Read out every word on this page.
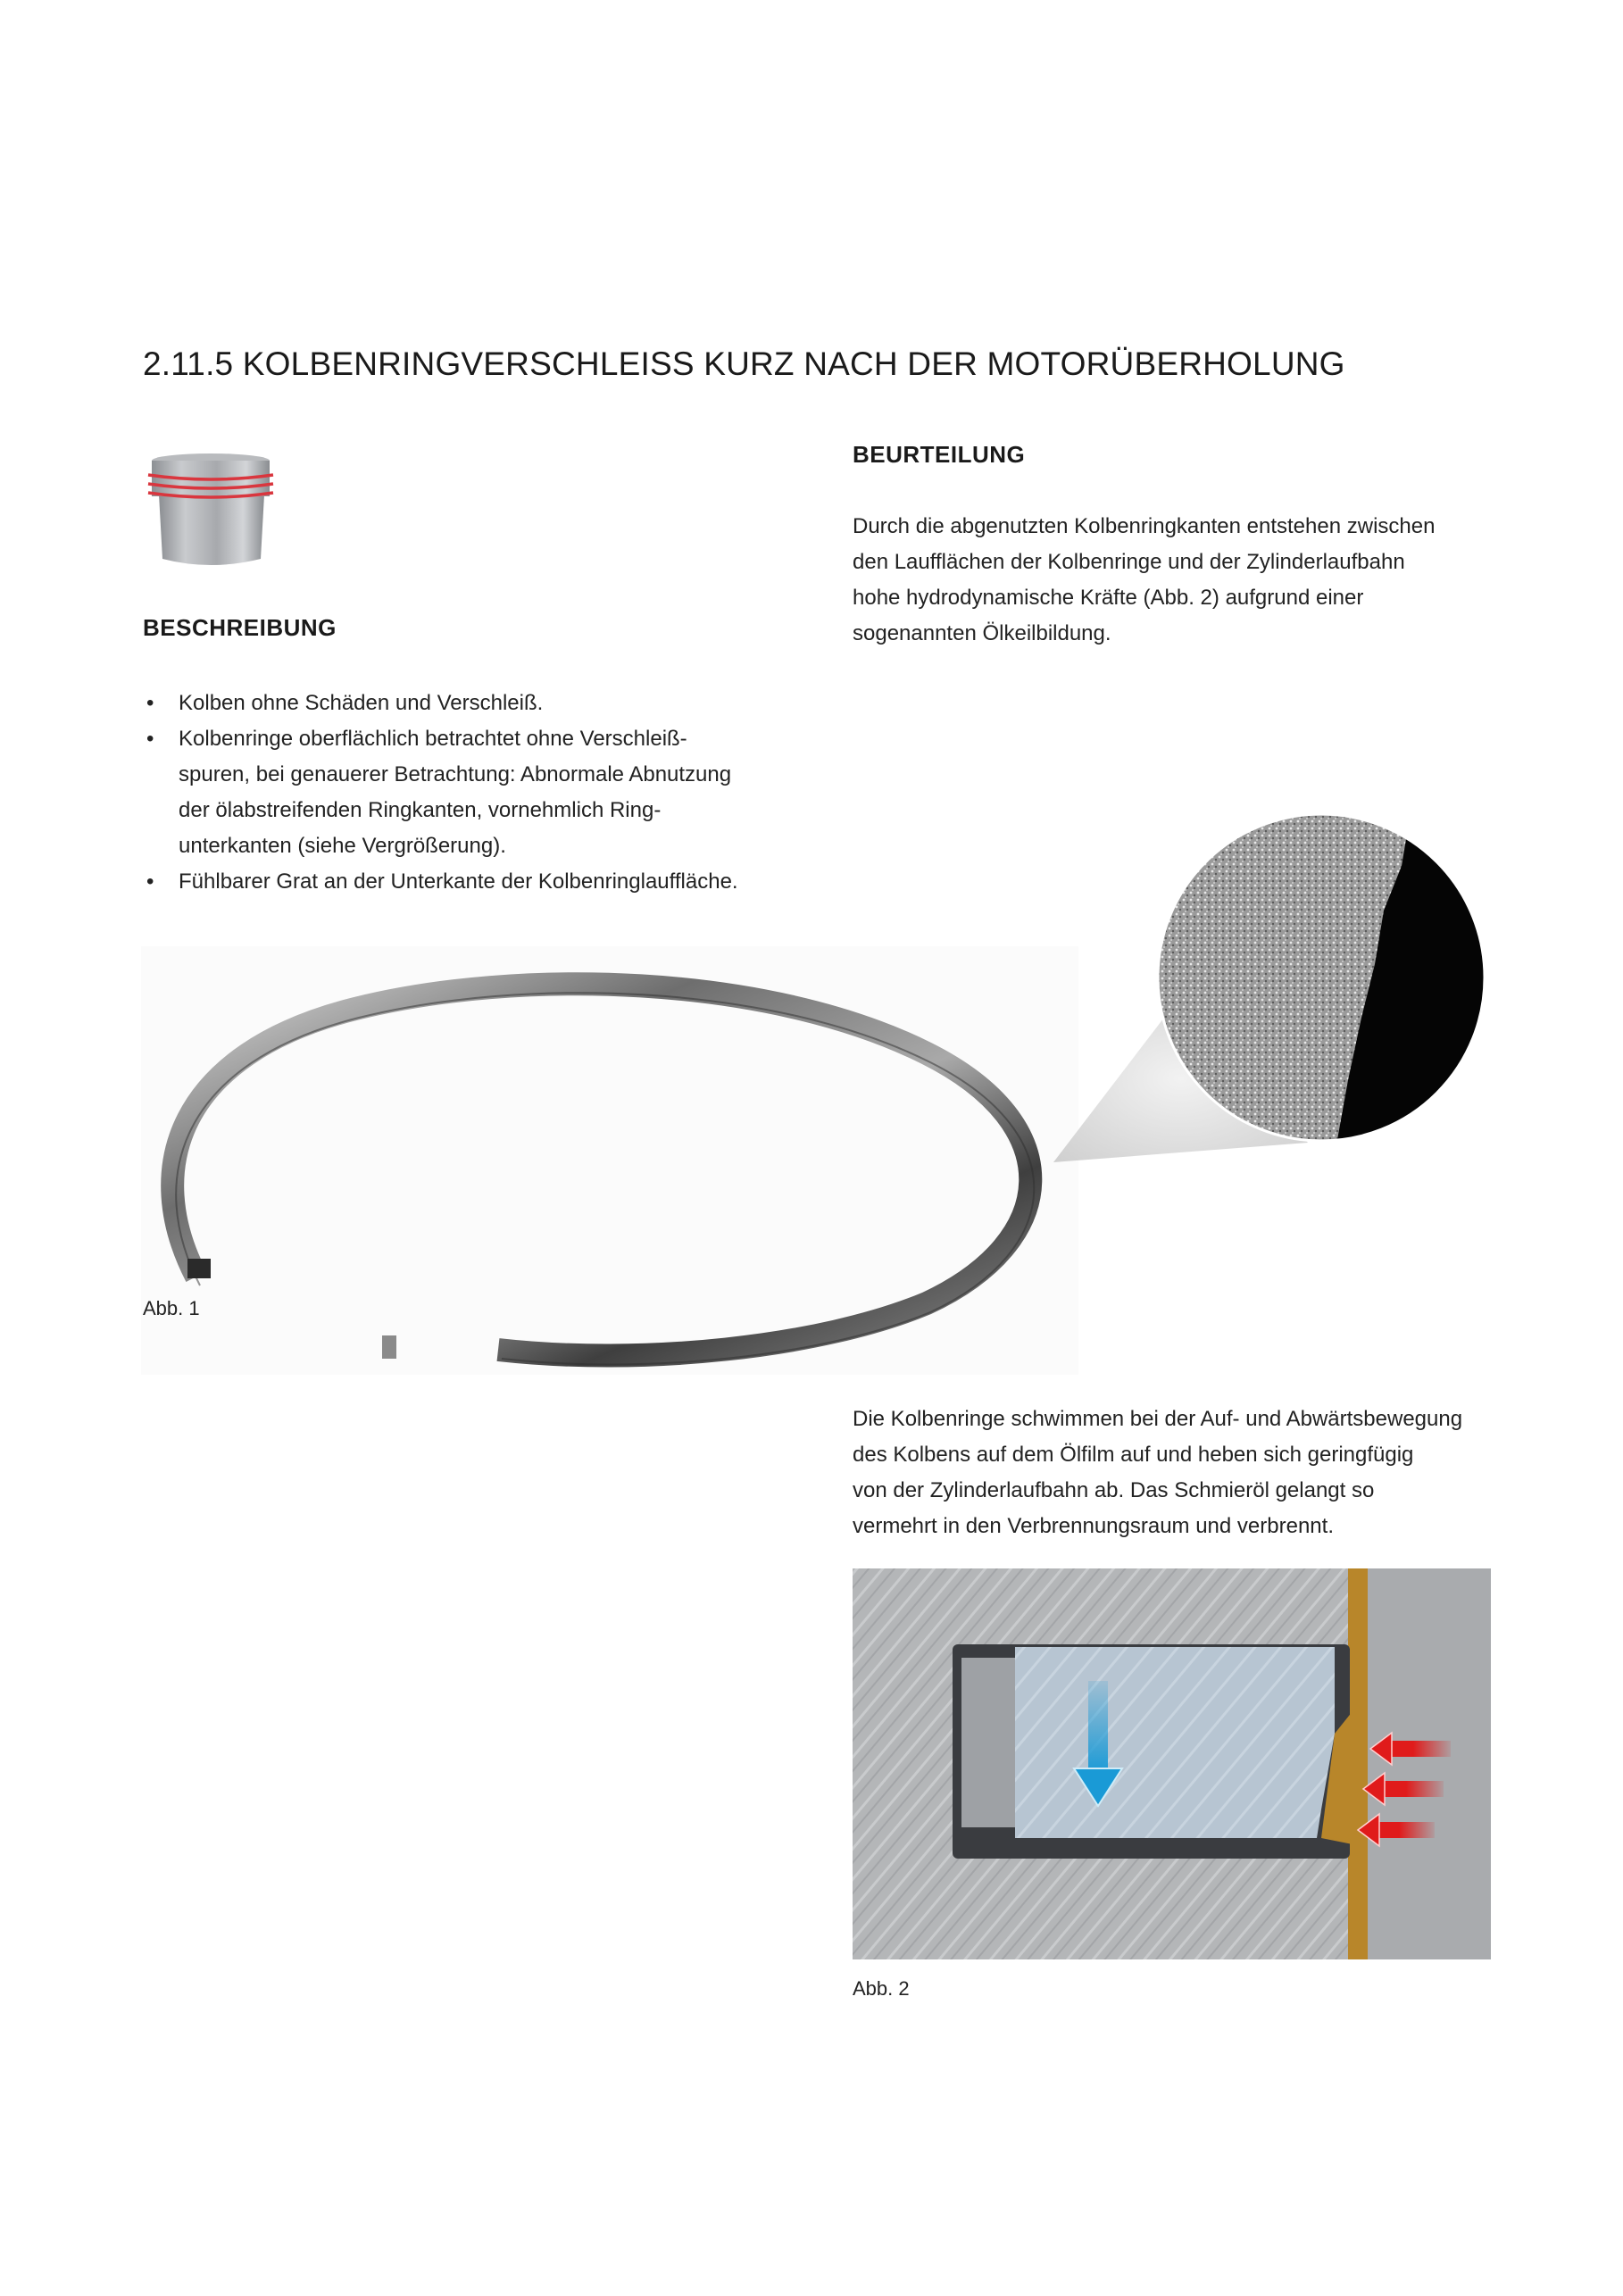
2.11.5 KOLBENRINGVERSCHLEISS KURZ NACH DER MOTORÜBERHOLUNG
BESCHREIBUNG
• Kolben ohne Schäden und Verschleiß.
• Kolbenringe oberflächlich betrachtet ohne Verschleiß-
spuren, bei genauerer Betrachtung: Abnormale Abnutzung
der ölabstreifenden Ringkanten, vornehmlich Ring-
unterkanten (siehe Vergrößerung).
• Fühlbarer Grat an der Unterkante der Kolbenringlauffläche.
BEURTEILUNG
Durch die abgenutzten Kolbenringkanten entstehen zwischen
den Laufflächen der Kolbenringe und der Zylinderlaufbahn
hohe hydrodynamische Kräfte (Abb. 2) aufgrund einer
sogenannten Ölkeilbildung.
Abb. 1
Die Kolbenringe schwimmen bei der Auf- und Abwärtsbewegung
des Kolbens auf dem Ölfilm auf und heben sich geringfügig
von der Zylinderlaufbahn ab. Das Schmieröl gelangt so
vermehrt in den Verbrennungsraum und verbrennt.
Abb. 2
